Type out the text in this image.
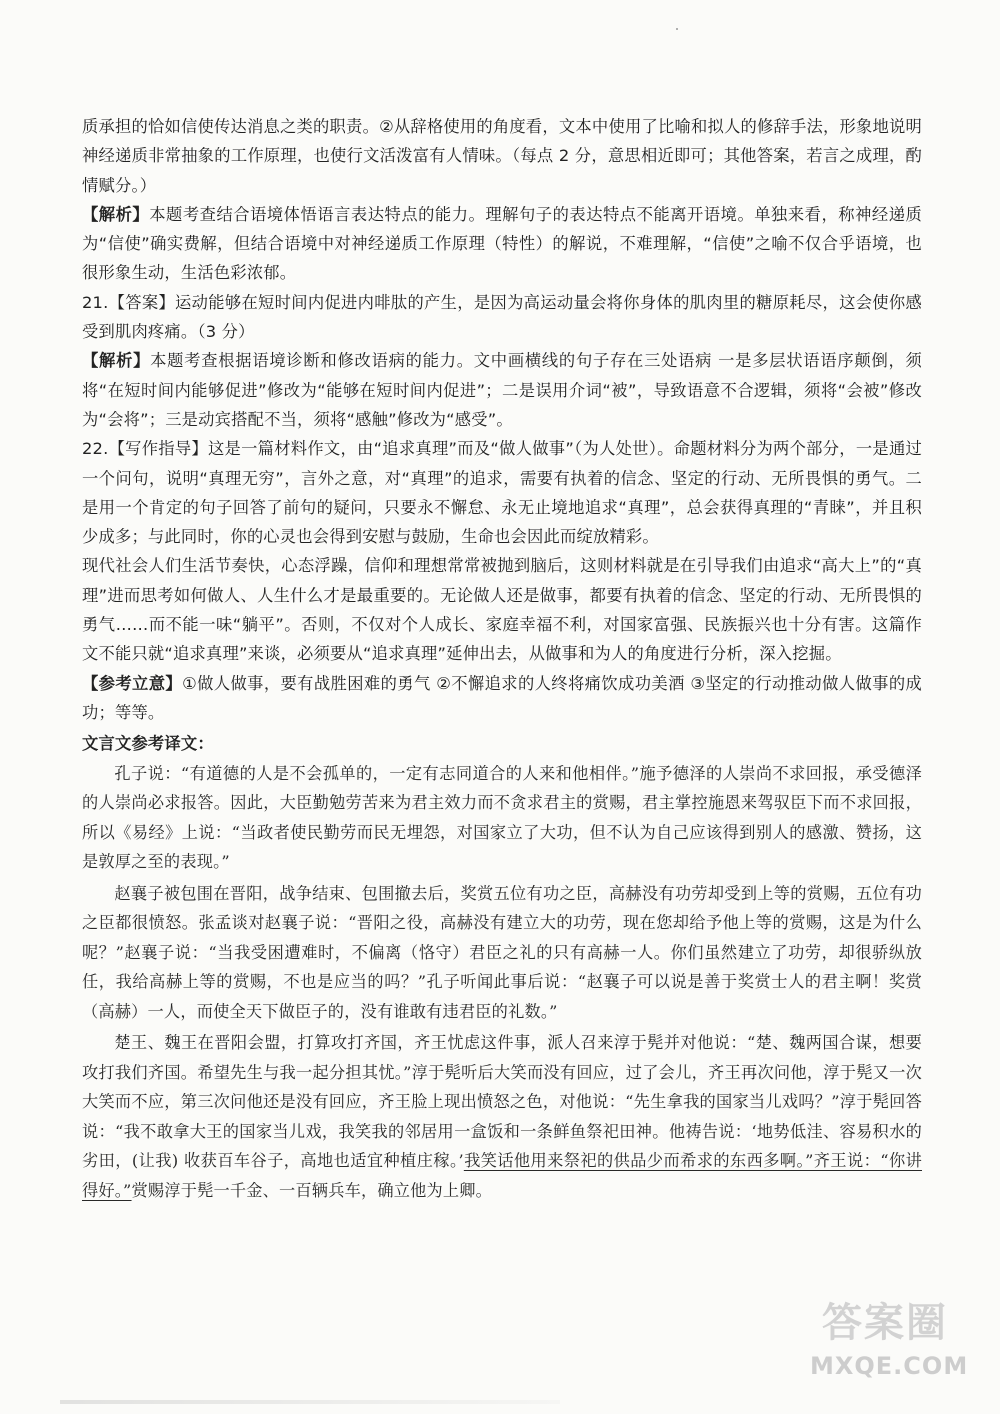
质承担的恰如信使传达消息之类的职责。②从辞格使用的角度看，文本中使用了比喻和拟人的修辞手法，形象地说明神经递质非常抽象的工作原理，也使行文活泼富有人情味。（每点 2 分，意思相近即可；其他答案，若言之成理，酌情赋分。）

【解析】本题考查结合语境体悟语言表达特点的能力。理解句子的表达特点不能离开语境。单独来看，称神经递质为“信使”确实费解，但结合语境中对神经递质工作原理（特性）的解说，不难理解，“信使”之喻不仅合乎语境，也很形象生动，生活色彩浓郁。

21.【答案】运动能够在短时间内促进内啡肽的产生，是因为高运动量会将你身体的肌肉里的糖原耗尽，这会使你感受到肌肉疼痛。（3 分）

【解析】本题考查根据语境诊断和修改语病的能力。文中画横线的句子存在三处语病 一是多层状语语序颠倒，须将“在短时间内能够促进”修改为“能够在短时间内促进”；二是误用介词“被”，导致语意不合逻辑，须将“会被”修改为“会将”；三是动宾搭配不当，须将“感触”修改为“感受”。

22.【写作指导】这是一篇材料作文，由“追求真理”而及“做人做事”（为人处世）。命题材料分为两个部分，一是通过一个问句，说明“真理无穷”，言外之意，对“真理”的追求，需要有执着的信念、坚定的行动、无所畏惧的勇气。二是用一个肯定的句子回答了前句的疑问，只要永不懈怠、永无止境地追求“真理”，总会获得真理的“青睐”，并且积少成多；与此同时，你的心灵也会得到安慰与鼓励，生命也会因此而绽放精彩。

现代社会人们生活节奏快，心态浮躁，信仰和理想常常被抛到脑后，这则材料就是在引导我们由追求“高大上”的“真理”进而思考如何做人、人生什么才是最重要的。无论做人还是做事，都要有执着的信念、坚定的行动、无所畏惧的勇气……而不能一味“躺平”。否则，不仅对个人成长、家庭幸福不利，对国家富强、民族振兴也十分有害。这篇作文不能只就“追求真理”来谈，必须要从“追求真理”延伸出去，从做事和为人的角度进行分析，深入挖掘。

【参考立意】①做人做事，要有战胜困难的勇气 ②不懈追求的人终将痛饮成功美酒 ③坚定的行动推动做人做事的成功；等等。

文言文参考译文：

孔子说：“有道德的人是不会孤单的，一定有志同道合的人来和他相伴。”施予德泽的人崇尚不求回报，承受德泽的人崇尚必求报答。因此，大臣勤勉劳苦来为君主效力而不贪求君主的赏赐，君主掌控施恩来驾驭臣下而不求回报，所以《易经》上说：“当政者使民勤劳而民无埋怨，对国家立了大功，但不认为自己应该得到别人的感激、赞扬，这是敦厚之至的表现。”

赵襄子被包围在晋阳，战争结束、包围撤去后，奖赏五位有功之臣，高赫没有功劳却受到上等的赏赐，五位有功之臣都很愤怒。张孟谈对赵襄子说：“晋阳之役，高赫没有建立大的功劳，现在您却给予他上等的赏赐，这是为什么呢？”赵襄子说：“当我受困遭难时，不偏离（恪守）君臣之礼的只有高赫一人。你们虽然建立了功劳，却很骄纵放任，我给高赫上等的赏赐，不也是应当的吗？”孔子听闻此事后说：“赵襄子可以说是善于奖赏士人的君主啊！奖赏（高赫）一人，而使全天下做臣子的，没有谁敢有违君臣的礼数。”

楚王、魏王在晋阳会盟，打算攻打齐国，齐王忧虑这件事，派人召来淳于髡并对他说：“楚、魏两国合谋，想要攻打我们齐国。希望先生与我一起分担其忧。”淳于髡听后大笑而没有回应，过了会儿，齐王再次问他，淳于髡又一次大笑而不应，第三次问他还是没有回应，齐王脸上现出愤怒之色，对他说：“先生拿我的国家当儿戏吗？”淳于髡回答说：“我不敢拿大王的国家当儿戏，我笑我的邻居用一盒饭和一条鲜鱼祭祀田神。他祷告说：‘地势低洼、容易积水的劣田，(让我) 收获百车谷子，高地也适宜种植庄稼。’我笑话他用来祭祀的供品少而希求的东西多啊。”齐王说：“你讲得好。”赏赐淳于髡一千金、一百辆兵车，确立他为上卿。

答案圈
MXQE.COM
